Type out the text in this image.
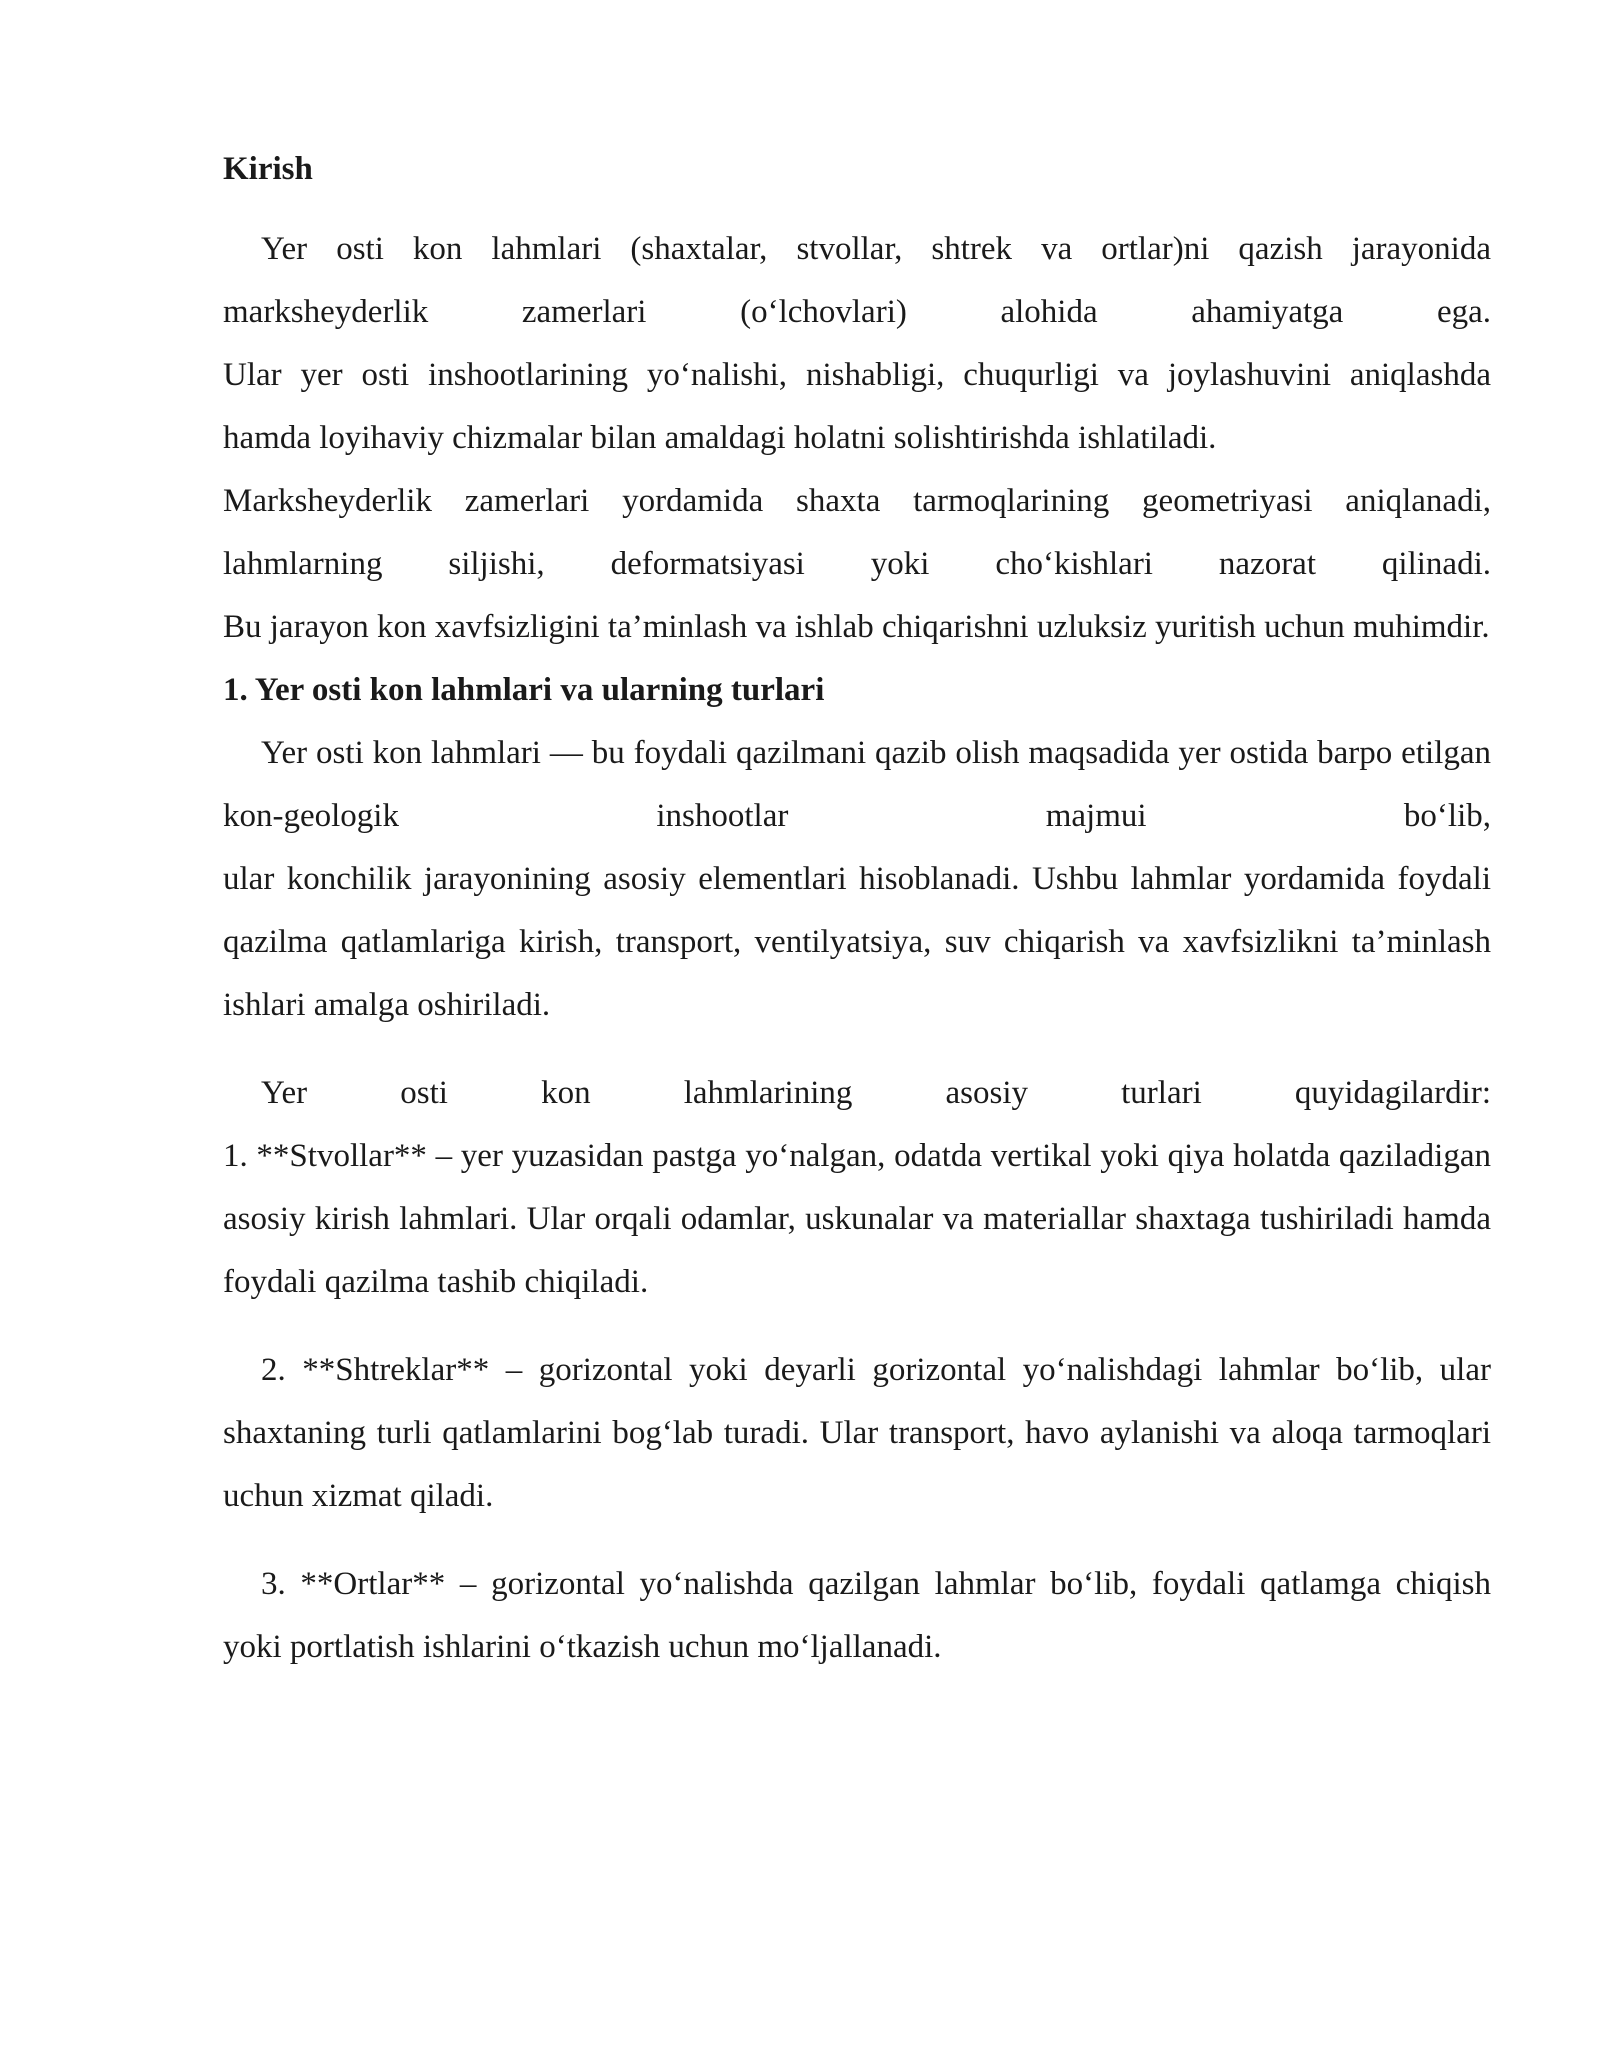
Kirish

Yer osti kon lahmlari (shaxtalar, stvollar, shtrek va ortlar)ni qazish jarayonida marksheyderlik zamerlari (o‘lchovlari) alohida ahamiyatga ega.

Ular yer osti inshootlarining yo‘nalishi, nishabligi, chuqurligi va joylashuvini aniqlashda hamda loyihaviy chizmalar bilan amaldagi holatni solishtirishda ishlatiladi.

Marksheyderlik zamerlari yordamida shaxta tarmoqlarining geometriyasi aniqlanadi, lahmlarning siljishi, deformatsiyasi yoki cho‘kishlari nazorat qilinadi.

Bu jarayon kon xavfsizligini ta’minlash va ishlab chiqarishni uzluksiz yuritish uchun muhimdir.

1. Yer osti kon lahmlari va ularning turlari

Yer osti kon lahmlari — bu foydali qazilmani qazib olish maqsadida yer ostida barpo etilgan kon-geologik inshootlar majmui bo‘lib,

ular konchilik jarayonining asosiy elementlari hisoblanadi. Ushbu lahmlar yordamida foydali qazilma qatlamlariga kirish, transport, ventilyatsiya, suv chiqarish va xavfsizlikni ta’minlash ishlari amalga oshiriladi.

Yer osti kon lahmlarining asosiy turlari quyidagilardir:

1. **Stvollar** – yer yuzasidan pastga yo‘nalgan, odatda vertikal yoki qiya holatda qaziladigan asosiy kirish lahmlari. Ular orqali odamlar, uskunalar va materiallar shaxtaga tushiriladi hamda foydali qazilma tashib chiqiladi.

2. **Shtreklar** – gorizontal yoki deyarli gorizontal yo‘nalishdagi lahmlar bo‘lib, ular shaxtaning turli qatlamlarini bog‘lab turadi. Ular transport, havo aylanishi va aloqa tarmoqlari uchun xizmat qiladi.

3. **Ortlar** – gorizontal yo‘nalishda qazilgan lahmlar bo‘lib, foydali qatlamga chiqish yoki portlatish ishlarini o‘tkazish uchun mo‘ljallanadi.
